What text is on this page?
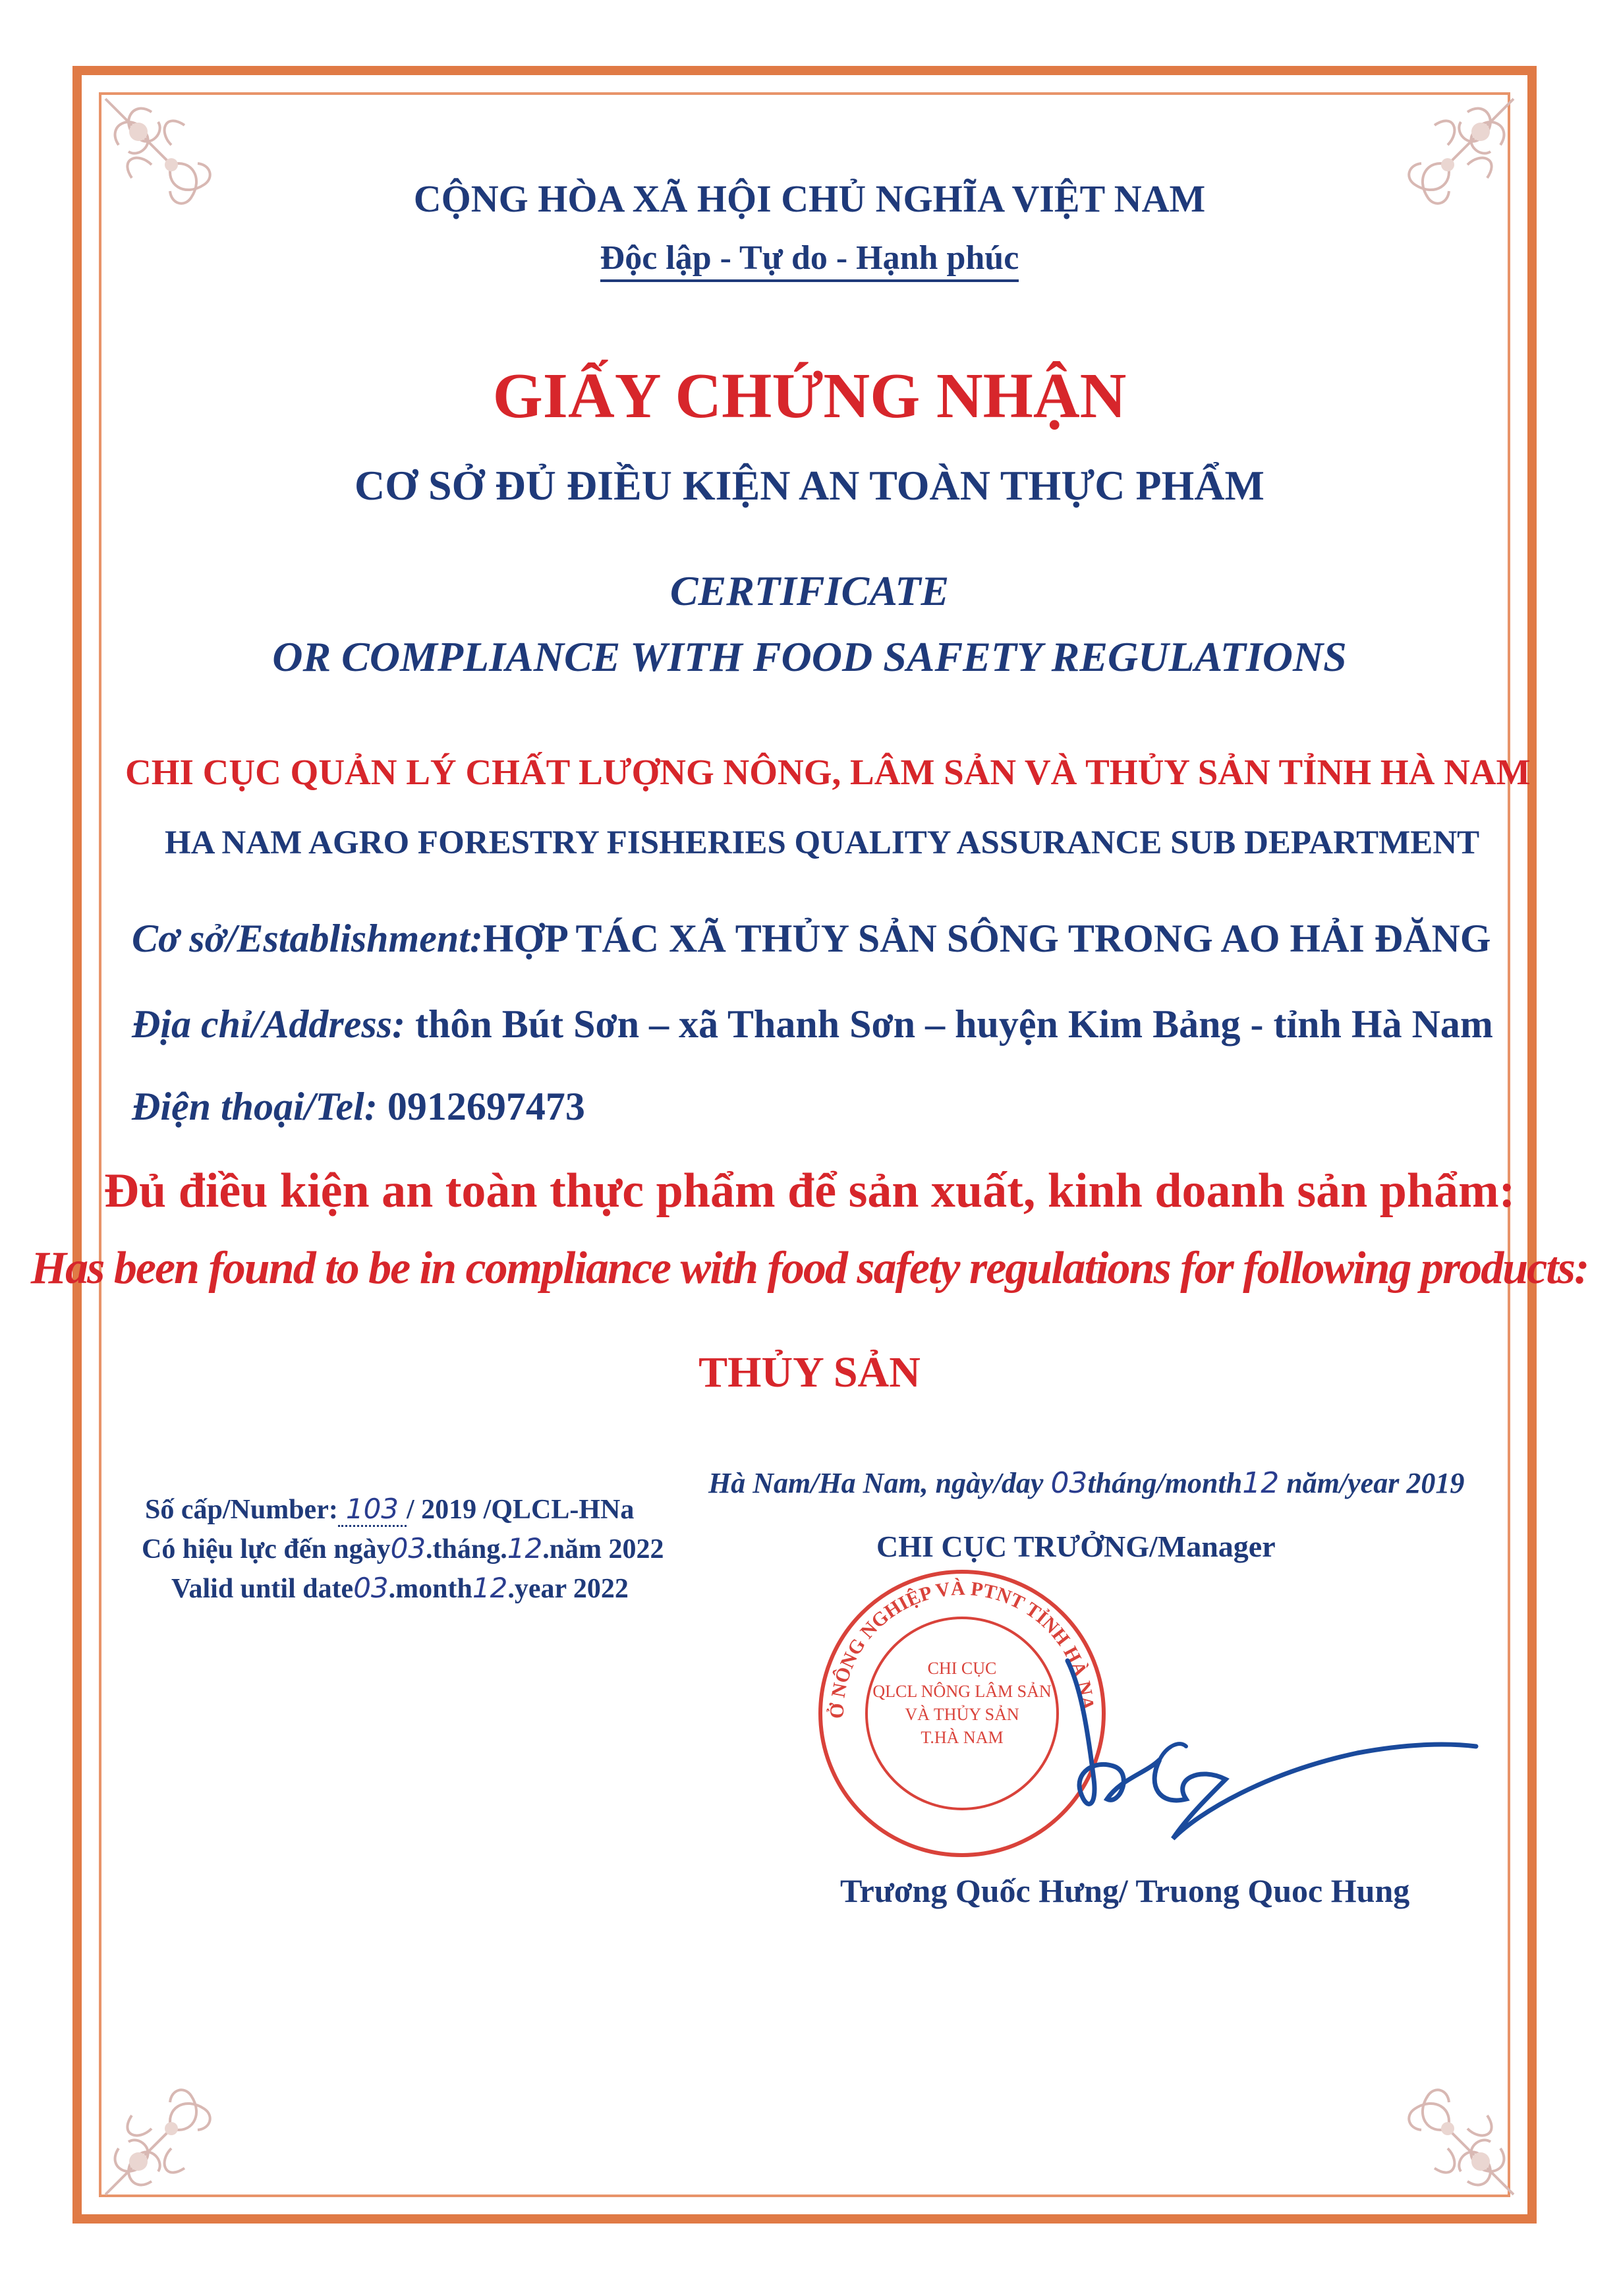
CỘNG HÒA XÃ HỘI CHỦ NGHĨA VIỆT NAM
Độc lập - Tự do - Hạnh phúc
GIẤY CHỨNG NHẬN
CƠ SỞ ĐỦ ĐIỀU KIỆN AN TOÀN THỰC PHẨM
CERTIFICATE
OR COMPLIANCE WITH FOOD SAFETY REGULATIONS
CHI CỤC QUẢN LÝ CHẤT LƯỢNG NÔNG, LÂM SẢN VÀ THỦY SẢN TỈNH HÀ NAM
HA NAM AGRO FORESTRY FISHERIES QUALITY ASSURANCE SUB DEPARTMENT
Cơ sở/Establishment:HỢP TÁC XÃ THỦY SẢN SÔNG TRONG AO HẢI ĐĂNG
Địa chỉ/Address: thôn Bút Sơn – xã Thanh Sơn – huyện Kim Bảng - tỉnh Hà Nam
Điện thoại/Tel: 0912697473
Đủ điều kiện an toàn thực phẩm để sản xuất, kinh doanh sản phẩm:
Has been found to be in compliance with food safety regulations for following products:
THỦY SẢN
Số cấp/Number: 103 / 2019 /QLCL-HNa
Có hiệu lực đến ngày03.tháng.12.năm 2022
Valid until date03.month12.year 2022
Hà Nam/Ha Nam, ngày/day 03tháng/month12 năm/year 2019
CHI CỤC TRƯỞNG/Manager
Ở NÔNG NGHIỆP VÀ PTNT TỈNH HÀ NA
CHI CỤC
QLCL NÔNG LÂM SẢN
VÀ THỦY SẢN
T.HÀ NAM
Trương Quốc Hưng/ Truong Quoc Hung
